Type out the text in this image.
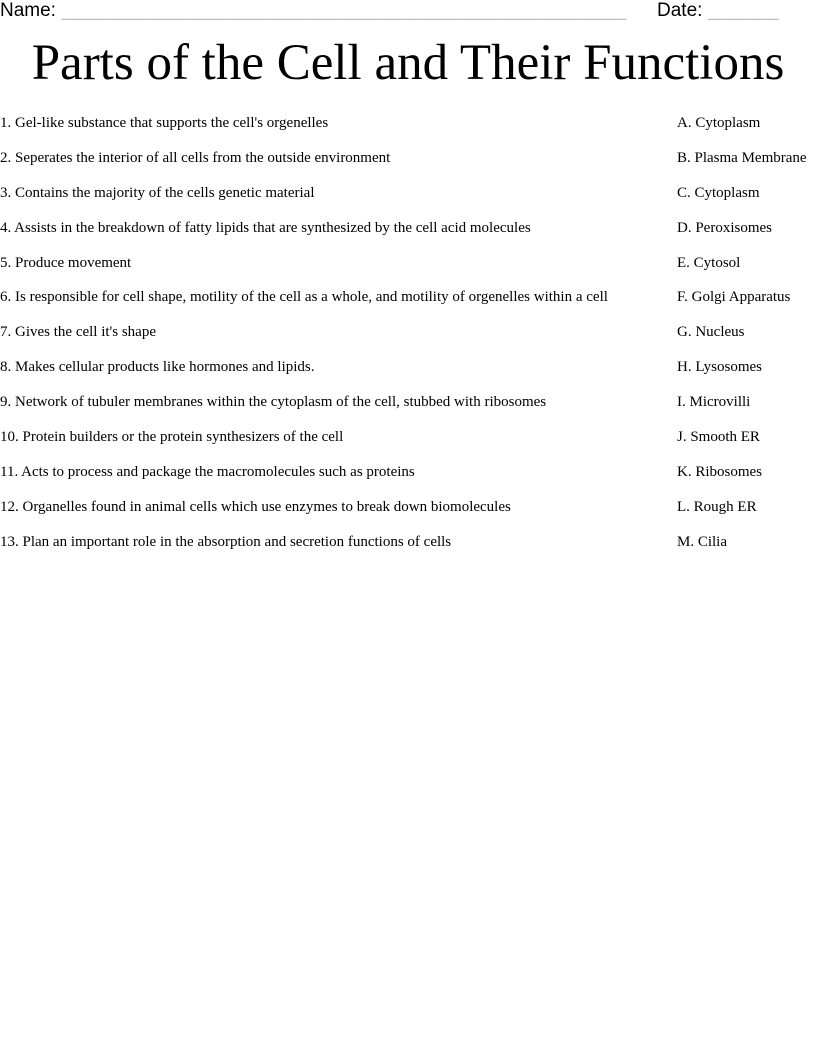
Name: ________________________________________________________ Date: _______
Parts of the Cell and Their Functions
1. Gel-like substance that supports the cell's orgenelles	A. Cytoplasm
2. Seperates the interior of all cells from the outside environment	B. Plasma Membrane
3. Contains the majority of the cells genetic material	C. Cytoplasm
4. Assists in the breakdown of fatty lipids that are synthesized by the cell acid molecules	D. Peroxisomes
5. Produce movement	E. Cytosol
6. Is responsible for cell shape, motility of the cell as a whole, and motility of orgenelles within a cell	F. Golgi Apparatus
7. Gives the cell it's shape	G. Nucleus
8. Makes cellular products like hormones and lipids.	H. Lysosomes
9. Network of tubuler membranes within the cytoplasm of the cell, stubbed with ribosomes	I. Microvilli
10. Protein builders or the protein synthesizers of the cell	J. Smooth ER
11. Acts to process and package the macromolecules such as proteins	K. Ribosomes
12. Organelles found in animal cells which use enzymes to break down biomolecules	L. Rough ER
13. Plan an important role in the absorption and secretion functions of cells	M. Cilia
